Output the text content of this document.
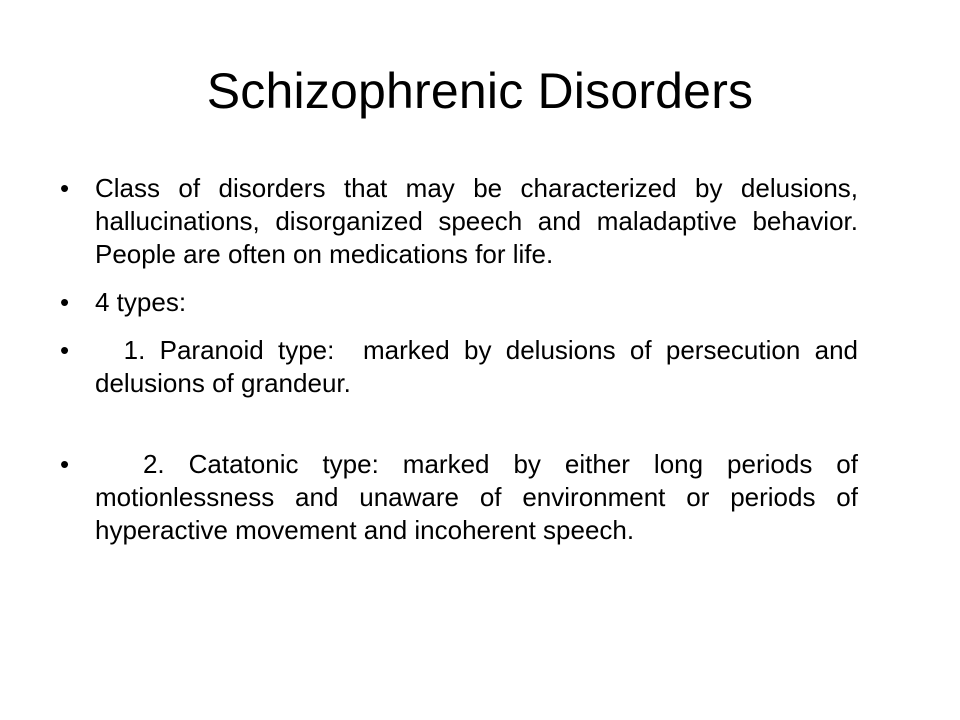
Schizophrenic Disorders
• Class of disorders that may be characterized by delusions, hallucinations, disorganized speech and maladaptive behavior.  People are often on medications for life.
• 4 types:
• 1. Paranoid type:  marked by delusions of persecution and delusions of grandeur.
• 2. Catatonic type: marked by either long periods of motionlessness and unaware of environment or periods of hyperactive movement and incoherent speech.
